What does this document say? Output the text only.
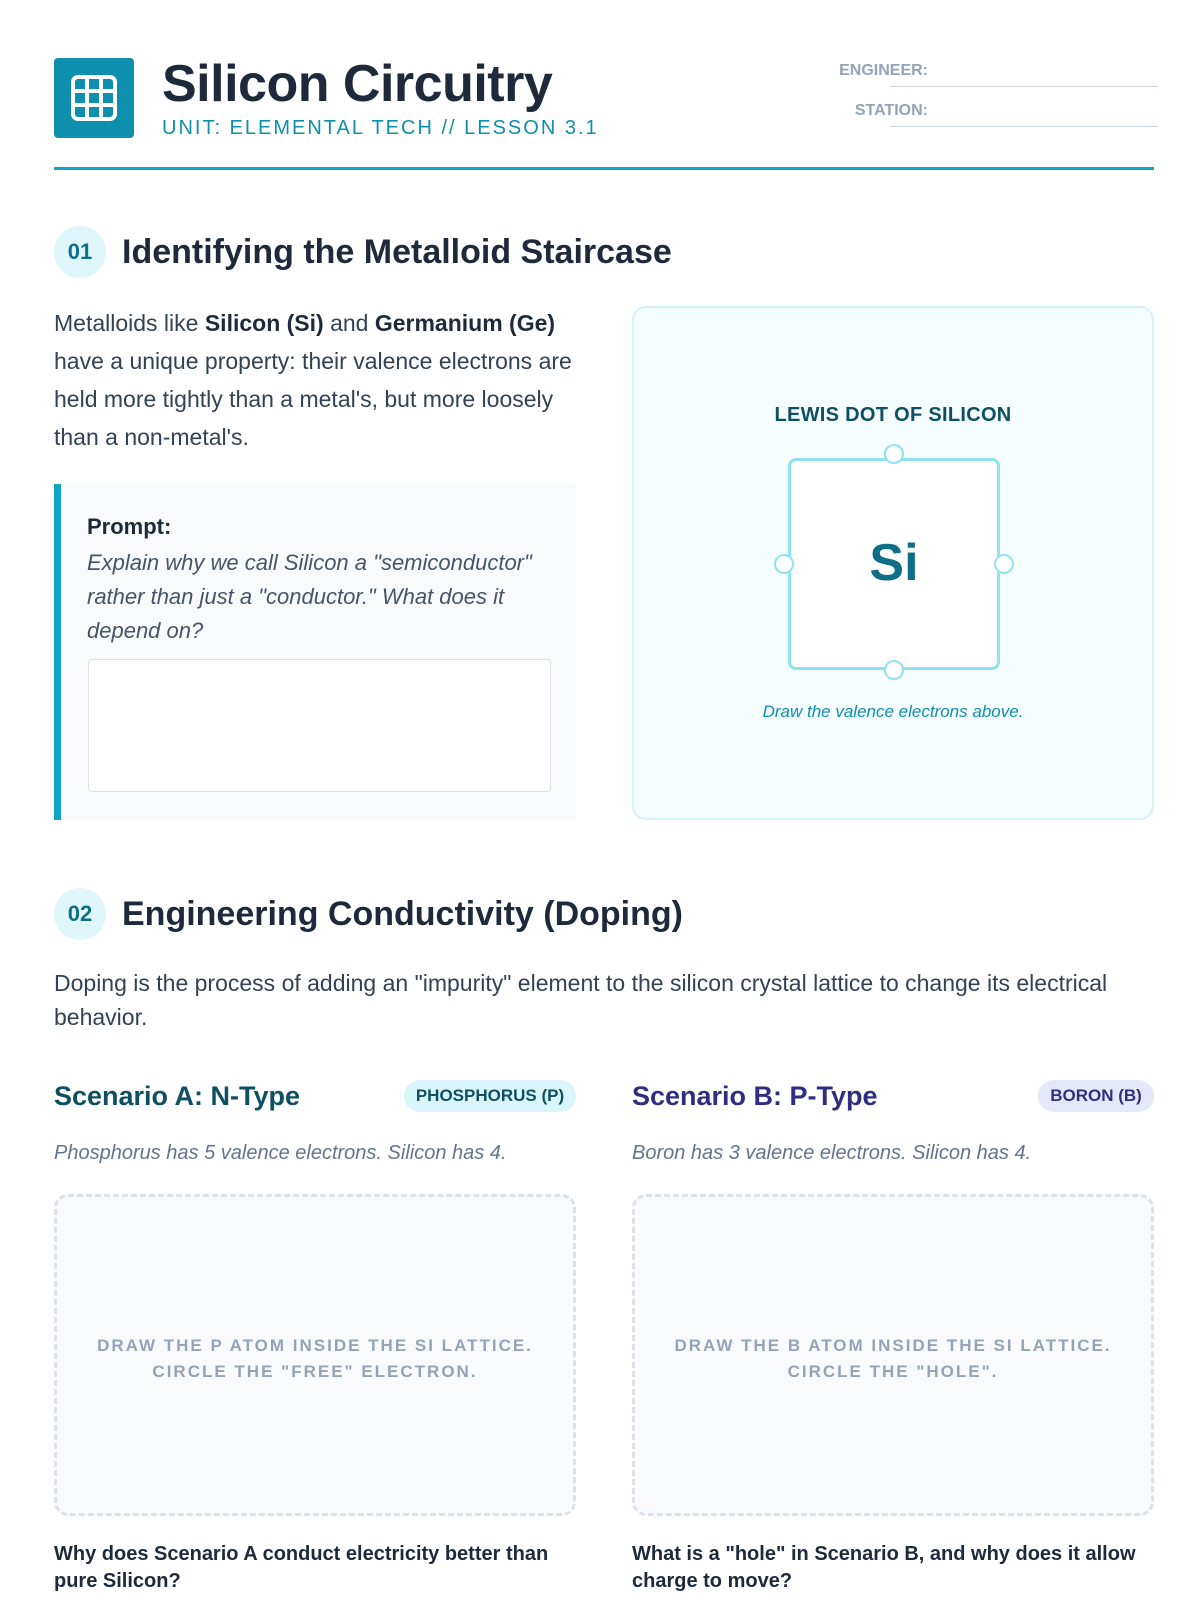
Silicon Circuitry
UNIT: ELEMENTAL TECH // LESSON 3.1
ENGINEER:
STATION:
01 Identifying the Metalloid Staircase
Metalloids like Silicon (Si) and Germanium (Ge) have a unique property: their valence electrons are held more tightly than a metal's, but more loosely than a non-metal's.
Prompt:
Explain why we call Silicon a "semiconductor" rather than just a "conductor." What does it depend on?
LEWIS DOT OF SILICON
Si
Draw the valence electrons above.
02 Engineering Conductivity (Doping)
Doping is the process of adding an "impurity" element to the silicon crystal lattice to change its electrical behavior.
Scenario A: N-Type	PHOSPHORUS (P)
Phosphorus has 5 valence electrons. Silicon has 4.
DRAW THE P ATOM INSIDE THE SI LATTICE.
CIRCLE THE "FREE" ELECTRON.
Why does Scenario A conduct electricity better than pure Silicon?
Scenario B: P-Type	BORON (B)
Boron has 3 valence electrons. Silicon has 4.
DRAW THE B ATOM INSIDE THE SI LATTICE.
CIRCLE THE "HOLE".
What is a "hole" in Scenario B, and why does it allow charge to move?
